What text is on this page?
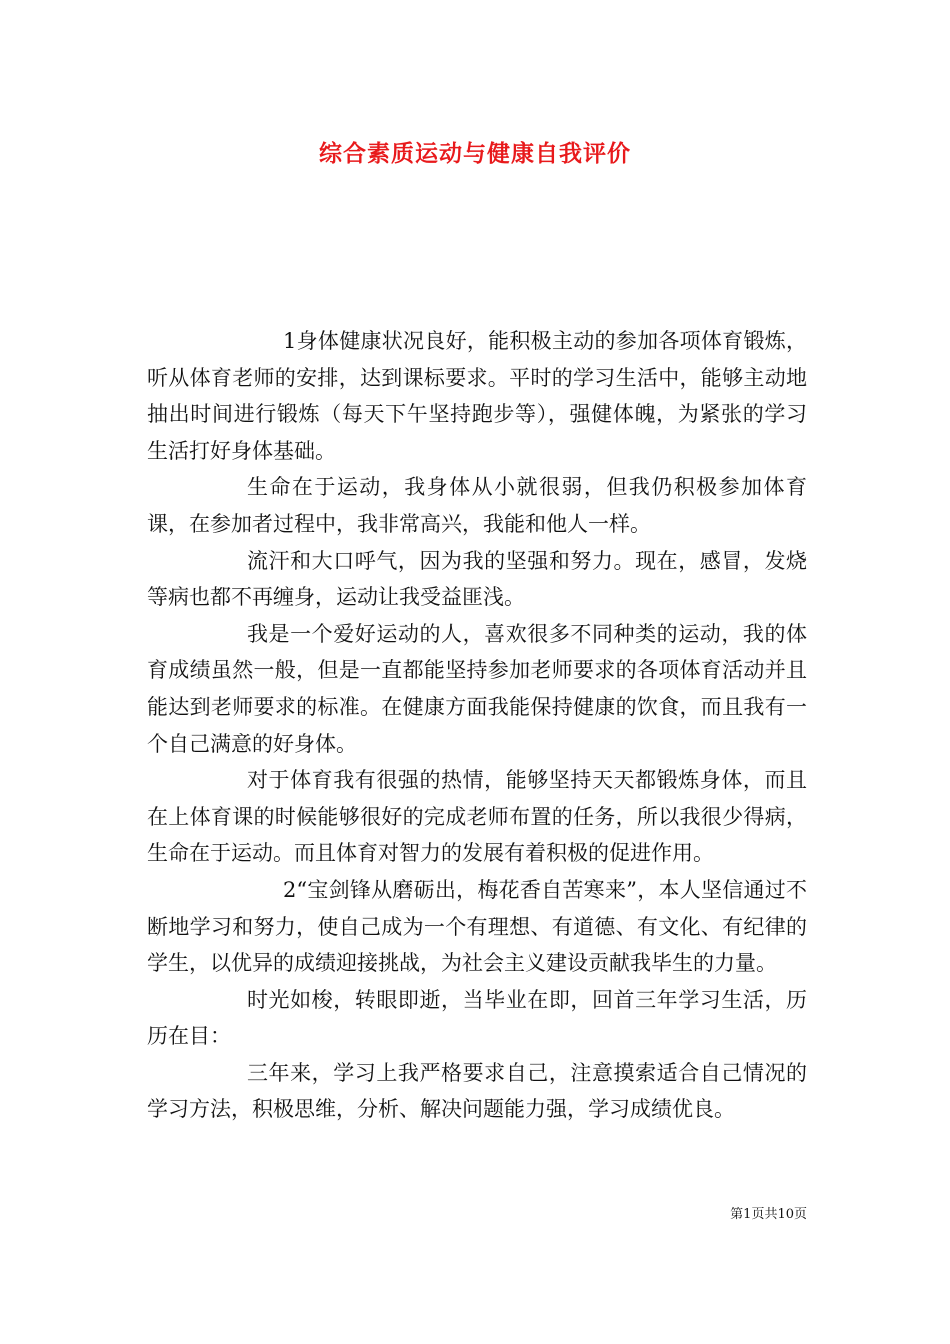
综合素质运动与健康自我评价

1身体健康状况良好，能积极主动的参加各项体育锻炼，听从体育老师的安排，达到课标要求。平时的学习生活中，能够主动地抽出时间进行锻炼（每天下午坚持跑步等），强健体魄，为紧张的学习生活打好身体基础。

生命在于运动，我身体从小就很弱，但我仍积极参加体育课，在参加者过程中，我非常高兴，我能和他人一样。

流汗和大口呼气，因为我的坚强和努力。现在，感冒，发烧等病也都不再缠身，运动让我受益匪浅。

我是一个爱好运动的人，喜欢很多不同种类的运动，我的体育成绩虽然一般，但是一直都能坚持参加老师要求的各项体育活动并且能达到老师要求的标准。在健康方面我能保持健康的饮食，而且我有一个自己满意的好身体。

对于体育我有很强的热情，能够坚持天天都锻炼身体，而且在上体育课的时候能够很好的完成老师布置的任务，所以我很少得病，生命在于运动。而且体育对智力的发展有着积极的促进作用。

2“宝剑锋从磨砺出，梅花香自苦寒来”，本人坚信通过不断地学习和努力，使自己成为一个有理想、有道德、有文化、有纪律的学生，以优异的成绩迎接挑战，为社会主义建设贡献我毕生的力量。

时光如梭，转眼即逝，当毕业在即，回首三年学习生活，历历在目：

三年来，学习上我严格要求自己，注意摸索适合自己情况的学习方法，积极思维，分析、解决问题能力强，学习成绩优良。

第1页共10页
